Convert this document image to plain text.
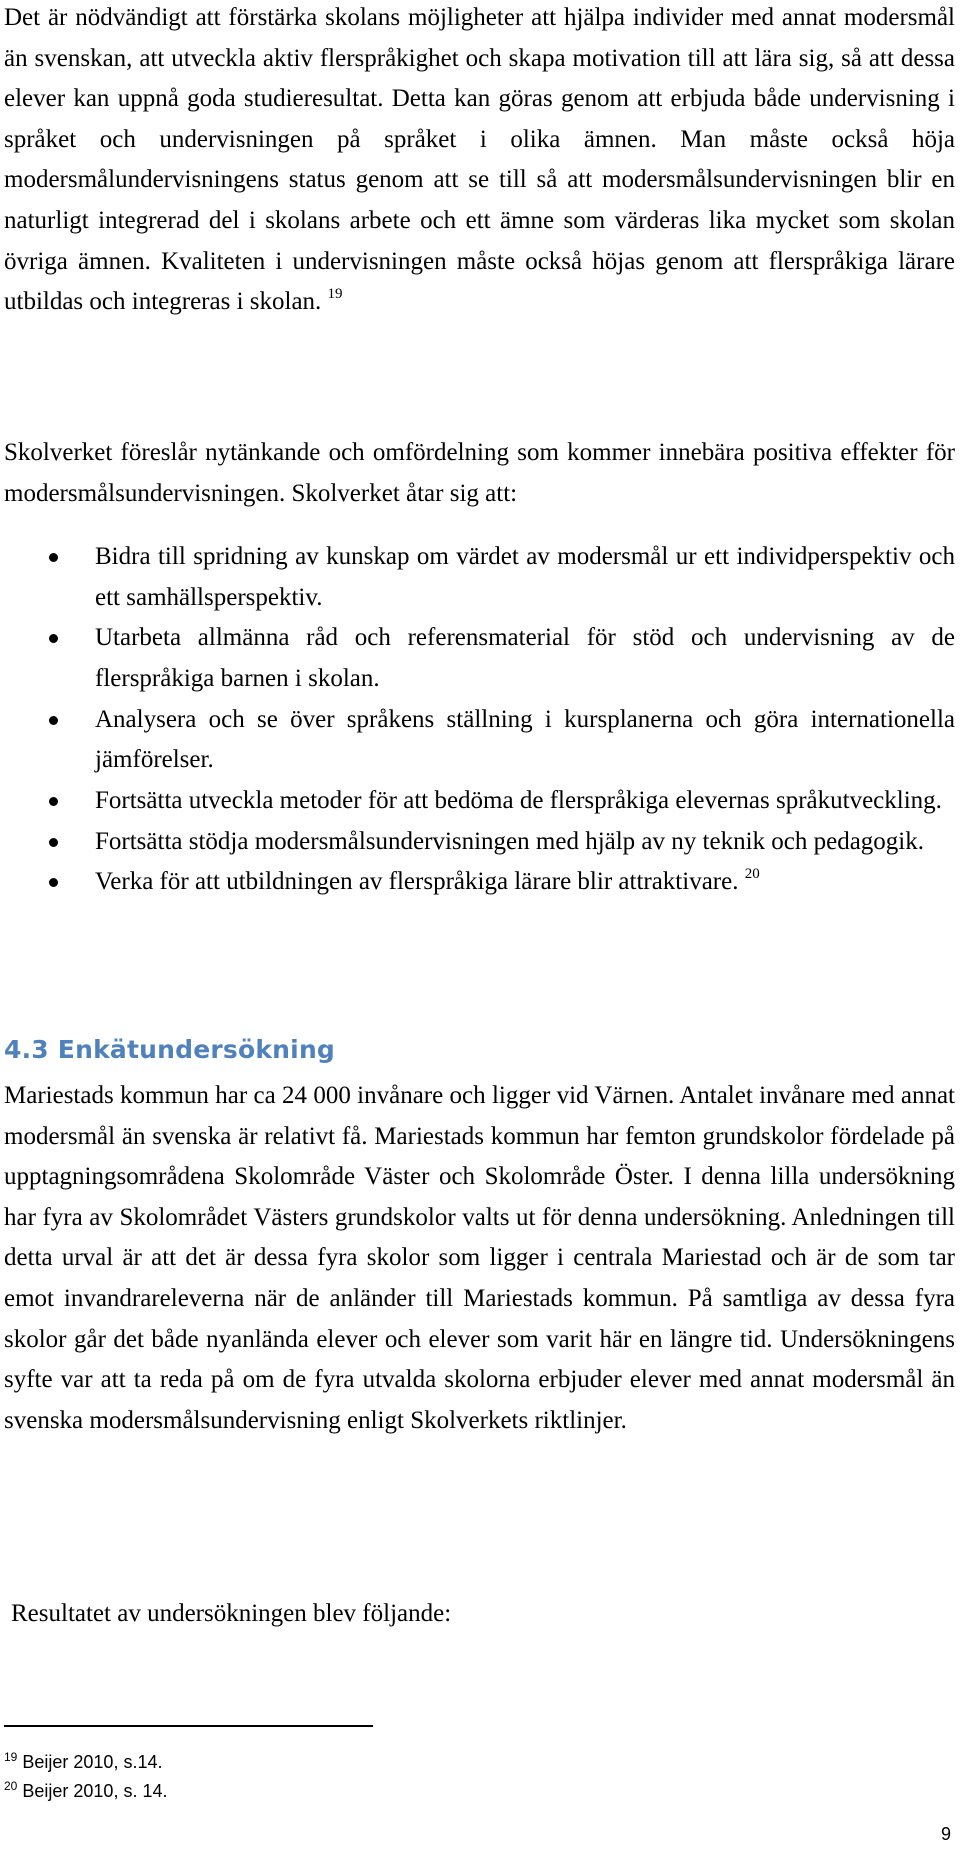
Det är nödvändigt att förstärka skolans möjligheter att hjälpa individer med annat modersmål än svenskan, att utveckla aktiv flerspråkighet och skapa motivation till att lära sig, så att dessa elever kan uppnå goda studieresultat. Detta kan göras genom att erbjuda både undervisning i språket och undervisningen på språket i olika ämnen. Man måste också höja modersmålundervisningens status genom att se till så att modersmålsundervisningen blir en naturligt integrerad del i skolans arbete och ett ämne som värderas lika mycket som skolan övriga ämnen. Kvaliteten i undervisningen måste också höjas genom att flerspråkiga lärare utbildas och integreras i skolan. $^{19}$

Skolverket föreslår nytänkande och omfördelning som kommer innebära positiva effekter för modersmålsundervisningen. Skolverket åtar sig att:

Bidra till spridning av kunskap om värdet av modersmål ur ett individperspektiv och ett samhällsperspektiv.
Utarbeta allmänna råd och referensmaterial för stöd och undervisning av de flerspråkiga barnen i skolan.
Analysera och se över språkens ställning i kursplanerna och göra internationella jämförelser.
Fortsätta utveckla metoder för att bedöma de flerspråkiga elevernas språkutveckling.
Fortsätta stödja modersmålsundervisningen med hjälp av ny teknik och pedagogik.
Verka för att utbildningen av flerspråkiga lärare blir attraktivare. $^{20}$
4.3 Enkätundersökning

Mariestads kommun har ca 24 000 invånare och ligger vid Värnen. Antalet invånare med annat modersmål än svenska är relativt få. Mariestads kommun har femton grundskolor fördelade på upptagningsområdena Skolområde Väster och Skolområde Öster. I denna lilla undersökning har fyra av Skolområdet Västers grundskolor valts ut för denna undersökning. Anledningen till detta urval är att det är dessa fyra skolor som ligger i centrala Mariestad och är de som tar emot invandrareleverna när de anländer till Mariestads kommun. På samtliga av dessa fyra skolor går det både nyanlända elever och elever som varit här en längre tid. Undersökningens syfte var att ta reda på om de fyra utvalda skolorna erbjuder elever med annat modersmål än svenska modersmålsundervisning enligt Skolverkets riktlinjer.

Resultatet av undersökningen blev följande:

$^{19}$ Beijer 2010, s.14.

$^{20}$ Beijer 2010, s. 14.

9
